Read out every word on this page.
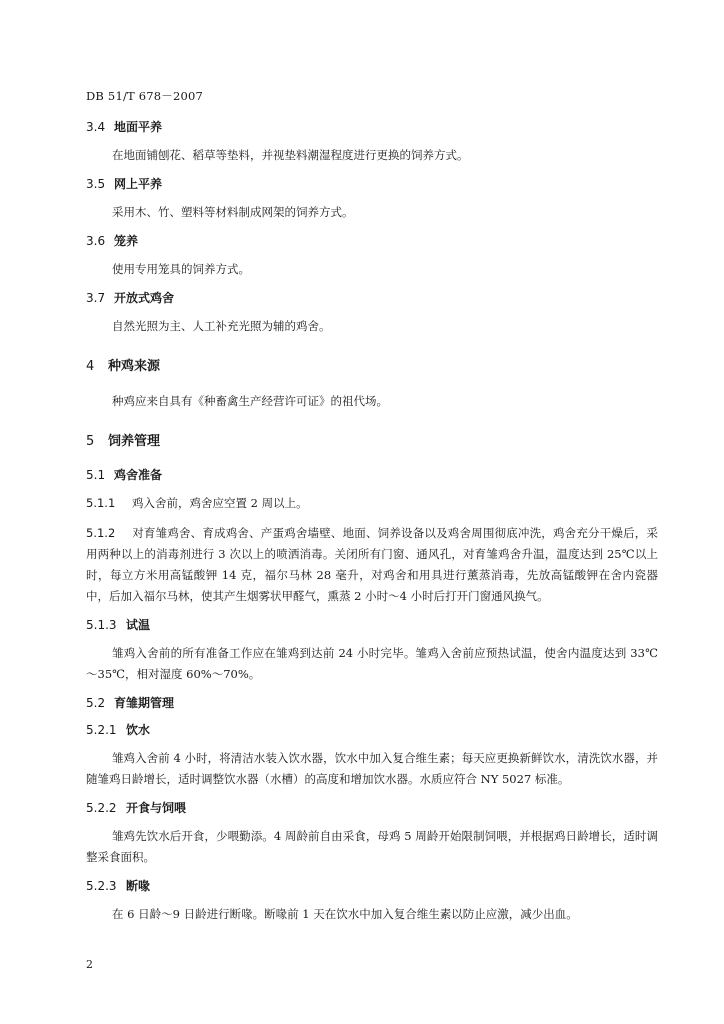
DB 51/T 678－2007
3.4 地面平养

在地面铺刨花、稻草等垫料，并视垫料潮湿程度进行更换的饲养方式。

3.5 网上平养

采用木、竹、塑料等材料制成网架的饲养方式。

3.6 笼养

使用专用笼具的饲养方式。

3.7 开放式鸡舍

自然光照为主、人工补充光照为辅的鸡舍。

4 种鸡来源

种鸡应来自具有《种畜禽生产经营许可证》的祖代场。

5 饲养管理
5.1 鸡舍准备

5.1.1 鸡入舍前，鸡舍应空置 2 周以上。

5.1.2 对育雏鸡舍、育成鸡舍、产蛋鸡舍墙壁、地面、饲养设备以及鸡舍周围彻底冲洗，鸡舍充分干燥后，采用两种以上的消毒剂进行 3 次以上的喷洒消毒。关闭所有门窗、通风孔，对育雏鸡舍升温，温度达到 25℃以上时，每立方米用高锰酸钾 14 克，福尔马林 28 毫升，对鸡舍和用具进行薰蒸消毒，先放高锰酸钾在舍内瓷器中，后加入福尔马林，使其产生烟雾状甲醛气，熏蒸 2 小时～4 小时后打开门窗通风换气。

5.1.3 试温

雏鸡入舍前的所有准备工作应在雏鸡到达前 24 小时完毕。雏鸡入舍前应预热试温，使舍内温度达到 33℃～35℃，相对湿度 60%～70%。

5.2 育雏期管理
5.2.1 饮水

雏鸡入舍前 4 小时，将清洁水装入饮水器，饮水中加入复合维生素；每天应更换新鲜饮水，清洗饮水器，并随雏鸡日龄增长，适时调整饮水器（水槽）的高度和增加饮水器。水质应符合 NY 5027 标准。

5.2.2 开食与饲喂

雏鸡先饮水后开食，少喂勤添。4 周龄前自由采食，母鸡 5 周龄开始限制饲喂，并根据鸡日龄增长，适时调整采食面积。

5.2.3 断喙

在 6 日龄～9 日龄进行断喙。断喙前 1 天在饮水中加入复合维生素以防止应激，减少出血。

2
